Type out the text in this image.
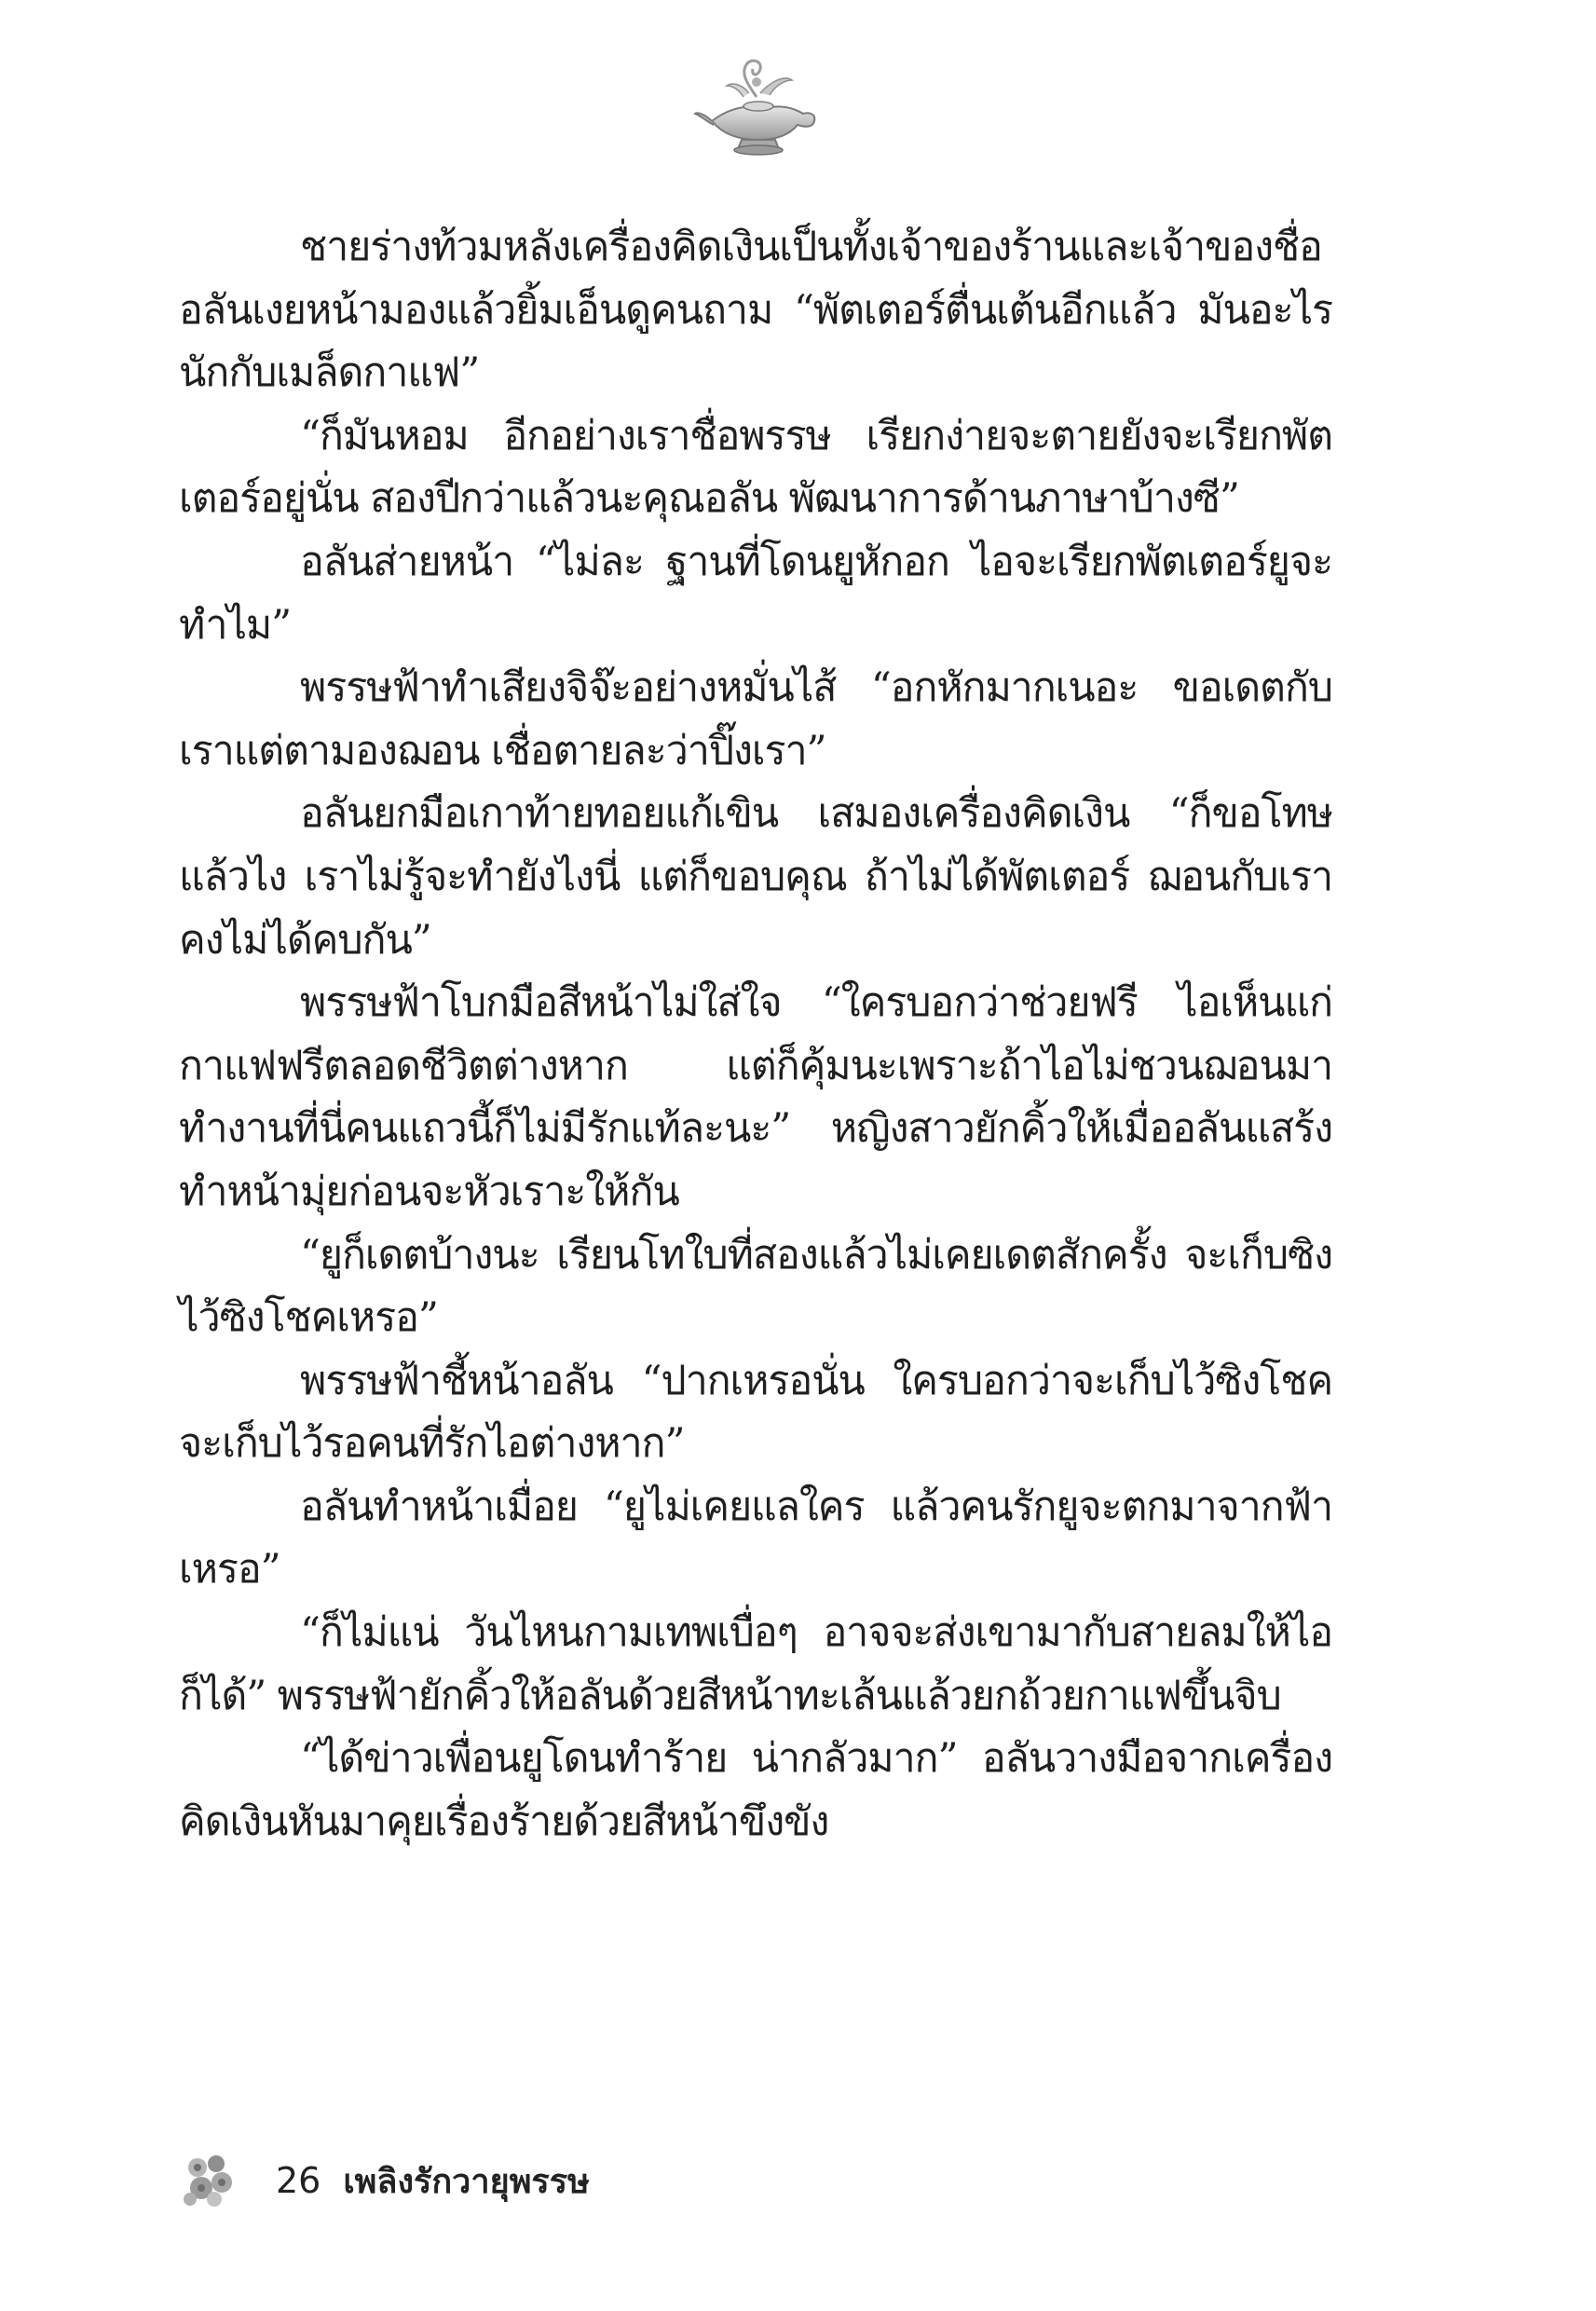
ชายร่างท้วมหลังเครื่องคิดเงินเป็นทั้งเจ้าของร้านและเจ้าของชื่ออลันเงยหน้ามองแล้วยิ้มเอ็นดูคนถาม “พัตเตอร์ตื่นเต้นอีกแล้ว มันอะไรนักกับเมล็ดกาแฟ”

“ก็มันหอม อีกอย่างเราชื่อพรรษ เรียกง่ายจะตายยังจะเรียกพัตเตอร์อยู่นั่น สองปีกว่าแล้วนะคุณอลัน พัฒนาการด้านภาษาบ้างซี”

อลันส่ายหน้า “ไม่ละ ฐานที่โดนยูหักอก ไอจะเรียกพัตเตอร์ยูจะทำไม”

พรรษฟ้าทำเสียงจิจ๊ะอย่างหมั่นไส้ “อกหักมากเนอะ ขอเดตกับเราแต่ตามองฌอน เชื่อตายละว่าปิ๊งเรา”

อลันยกมือเกาท้ายทอยแก้เขิน เสมองเครื่องคิดเงิน “ก็ขอโทษแล้วไง เราไม่รู้จะทำยังไงนี่ แต่ก็ขอบคุณ ถ้าไม่ได้พัตเตอร์ ฌอนกับเราคงไม่ได้คบกัน”

พรรษฟ้าโบกมือสีหน้าไม่ใส่ใจ “ใครบอกว่าช่วยฟรี ไอเห็นแก่กาแฟฟรีตลอดชีวิตต่างหาก แต่ก็คุ้มนะเพราะถ้าไอไม่ชวนฌอนมาทำงานที่นี่คนแถวนี้ก็ไม่มีรักแท้ละนะ” หญิงสาวยักคิ้วให้เมื่ออลันแสร้งทำหน้ามุ่ยก่อนจะหัวเราะให้กัน

“ยูก็เดตบ้างนะ เรียนโทใบที่สองแล้วไม่เคยเดตสักครั้ง จะเก็บซิงไว้ซิงโชคเหรอ”

พรรษฟ้าชี้หน้าอลัน “ปากเหรอนั่น ใครบอกว่าจะเก็บไว้ซิงโชคจะเก็บไว้รอคนที่รักไอต่างหาก”

อลันทำหน้าเมื่อย “ยูไม่เคยแลใคร แล้วคนรักยูจะตกมาจากฟ้าเหรอ”

“ก็ไม่แน่ วันไหนกามเทพเบื่อๆ อาจจะส่งเขามากับสายลมให้ไอก็ได้” พรรษฟ้ายักคิ้วให้อลันด้วยสีหน้าทะเล้นแล้วยกถ้วยกาแฟขึ้นจิบ

“ได้ข่าวเพื่อนยูโดนทำร้าย น่ากลัวมาก” อลันวางมือจากเครื่องคิดเงินหันมาคุยเรื่องร้ายด้วยสีหน้าขึงขัง

26 เพลิงรักวายุพรรษ
